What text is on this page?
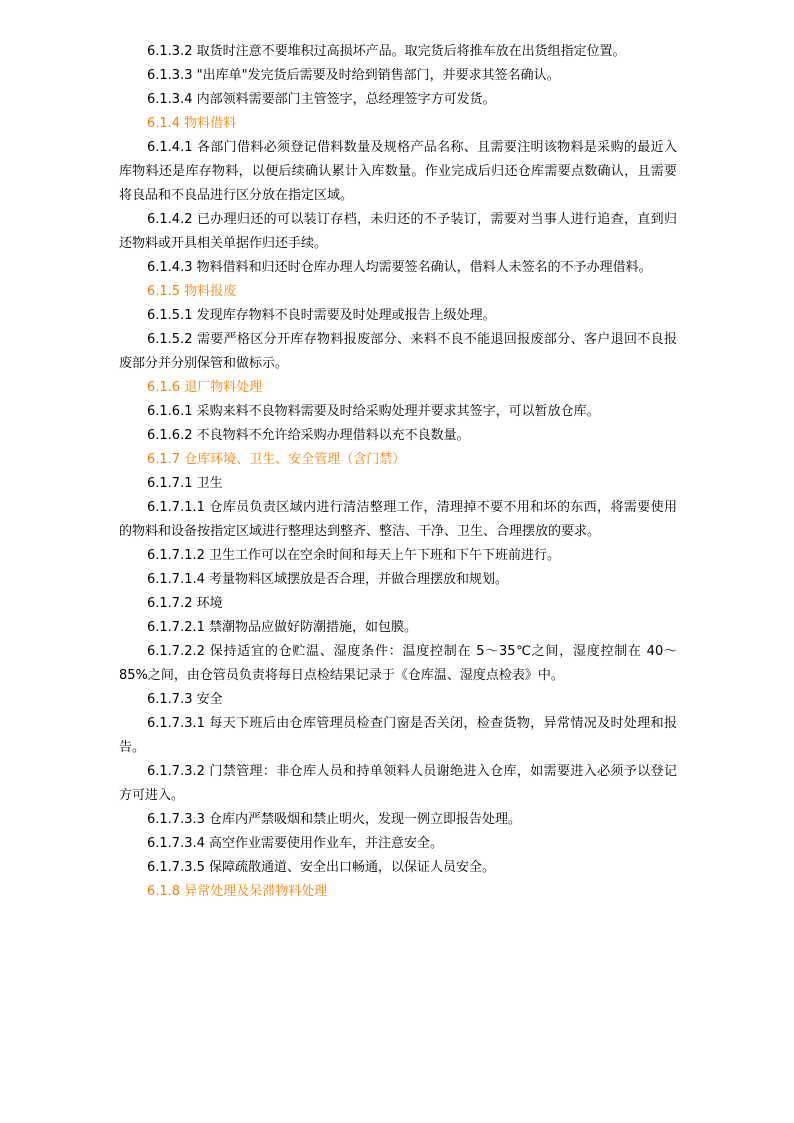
6.1.3.2 取货时注意不要堆积过高损坏产品。取完货后将推车放在出货组指定位置。

6.1.3.3 "出库单"发完货后需要及时给到销售部门，并要求其签名确认。

6.1.3.4 内部领料需要部门主管签字，总经理签字方可发货。

6.1.4 物料借料

6.1.4.1 各部门借料必须登记借料数量及规格产品名称、且需要注明该物料是采购的最近入库物料还是库存物料，以便后续确认累计入库数量。作业完成后归还仓库需要点数确认，且需要将良品和不良品进行区分放在指定区域。

6.1.4.2 已办理归还的可以装订存档，未归还的不予装订，需要对当事人进行追查，直到归还物料或开具相关单据作归还手续。

6.1.4.3 物料借料和归还时仓库办理人均需要签名确认，借料人未签名的不予办理借料。

6.1.5 物料报废

6.1.5.1 发现库存物料不良时需要及时处理或报告上级处理。

6.1.5.2 需要严格区分开库存物料报废部分、来料不良不能退回报废部分、客户退回不良报废部分并分别保管和做标示。

6.1.6 退厂物料处理

6.1.6.1 采购来料不良物料需要及时给采购处理并要求其签字，可以暂放仓库。

6.1.6.2 不良物料不允许给采购办理借料以充不良数量。

6.1.7 仓库环境、卫生、安全管理（含门禁）

6.1.7.1 卫生

6.1.7.1.1 仓库员负责区域内进行清洁整理工作，清理掉不要不用和坏的东西，将需要使用的物料和设备按指定区域进行整理达到整齐、整洁、干净、卫生、合理摆放的要求。

6.1.7.1.2 卫生工作可以在空余时间和每天上午下班和下午下班前进行。

6.1.7.1.4 考量物料区域摆放是否合理，并做合理摆放和规划。

6.1.7.2 环境

6.1.7.2.1 禁潮物品应做好防潮措施，如包膜。

6.1.7.2.2 保持适宜的仓贮温、湿度条件：温度控制在 5～35℃之间，湿度控制在 40～85%之间，由仓管员负责将每日点检结果记录于《仓库温、湿度点检表》中。

6.1.7.3 安全

6.1.7.3.1 每天下班后由仓库管理员检查门窗是否关闭，检查货物，异常情况及时处理和报告。

6.1.7.3.2 门禁管理：非仓库人员和持单领料人员谢绝进入仓库，如需要进入必须予以登记方可进入。

6.1.7.3.3 仓库内严禁吸烟和禁止明火，发现一例立即报告处理。

6.1.7.3.4 高空作业需要使用作业车，并注意安全。

6.1.7.3.5 保障疏散通道、安全出口畅通，以保证人员安全。

6.1.8 异常处理及呆滞物料处理
